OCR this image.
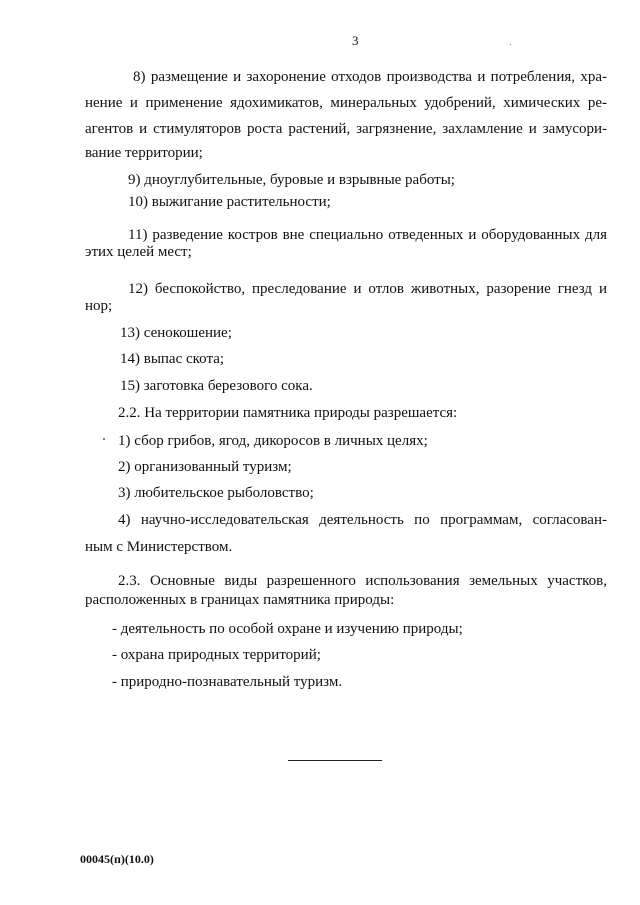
3
8) размещение и захоронение отходов производства и потребления, хра-
нение и применение ядохимикатов, минеральных удобрений, химических ре-
агентов и стимуляторов роста растений, загрязнение, захламление и замусори-
вание территории;
9) дноуглубительные, буровые и взрывные работы;
10) выжигание растительности;
11) разведение костров вне специально отведенных и оборудованных для
этих целей мест;
12) беспокойство, преследование и отлов животных, разорение гнезд и
нор;
13) сенокошение;
14) выпас скота;
15) заготовка березового сока.
2.2. На территории памятника природы разрешается:
1) сбор грибов, ягод, дикоросов в личных целях;
2) организованный туризм;
3) любительское рыболовство;
4) научно-исследовательская деятельность по программам, согласован-
ным с Министерством.
2.3. Основные виды разрешенного использования земельных участков,
расположенных в границах памятника природы:
- деятельность по особой охране и изучению природы;
- охрана природных территорий;
- природно-познавательный туризм.
00045(п)(10.0)
